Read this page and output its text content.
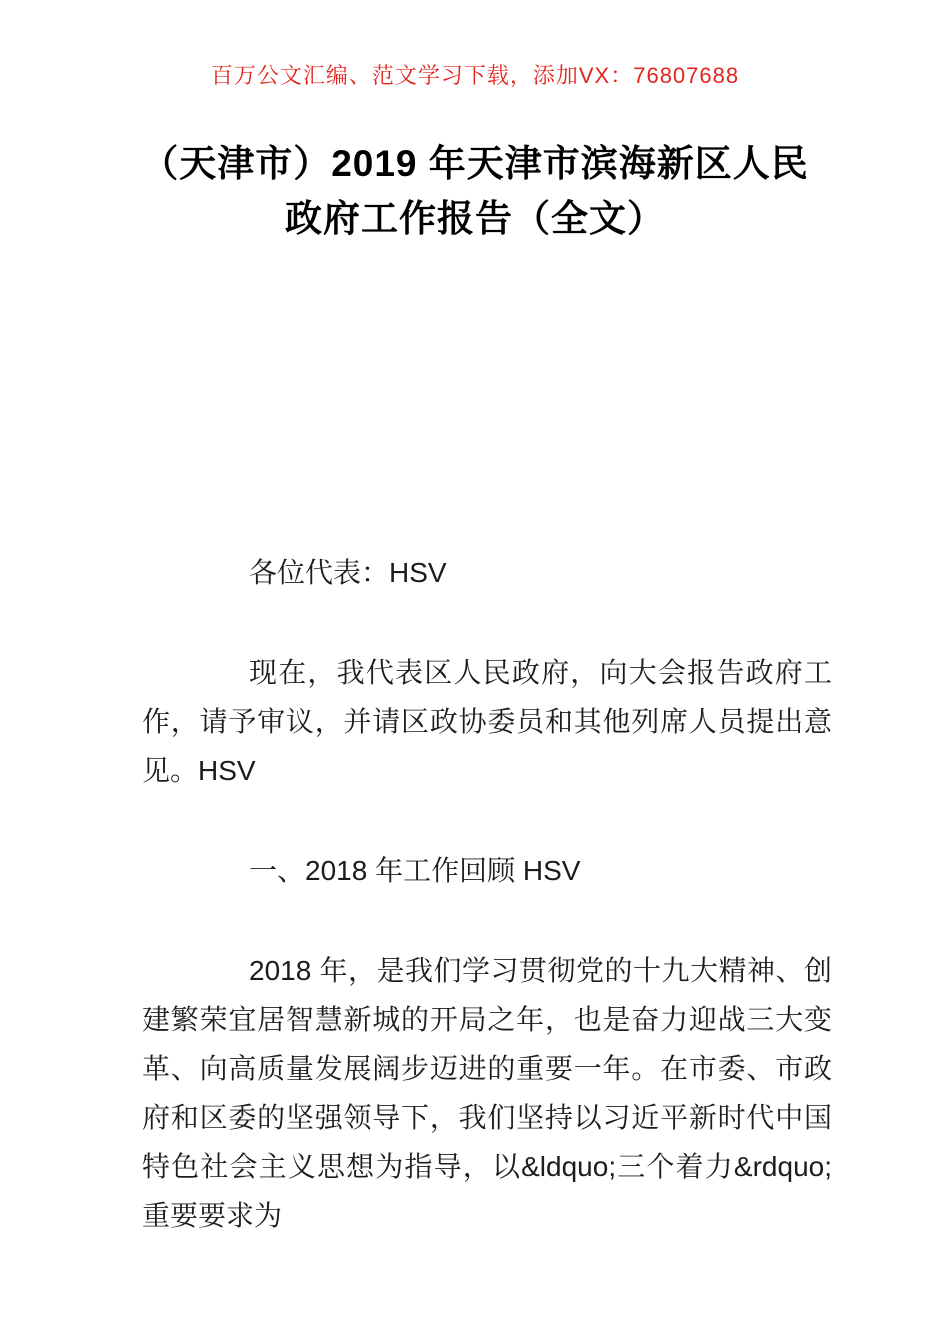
百万公文汇编、范文学习下载，添加VX：76807688
（天津市）2019 年天津市滨海新区人民政府工作报告（全文）

各位代表：HSV

现在，我代表区人民政府，向大会报告政府工作，请予审议，并请区政协委员和其他列席人员提出意见。HSV

一、2018 年工作回顾 HSV

2018 年，是我们学习贯彻党的十九大精神、创建繁荣宜居智慧新城的开局之年，也是奋力迎战三大变革、向高质量发展阔步迈进的重要一年。在市委、市政府和区委的坚强领导下，我们坚持以习近平新时代中国特色社会主义思想为指导，以&ldquo;三个着力&rdquo;重要要求为
